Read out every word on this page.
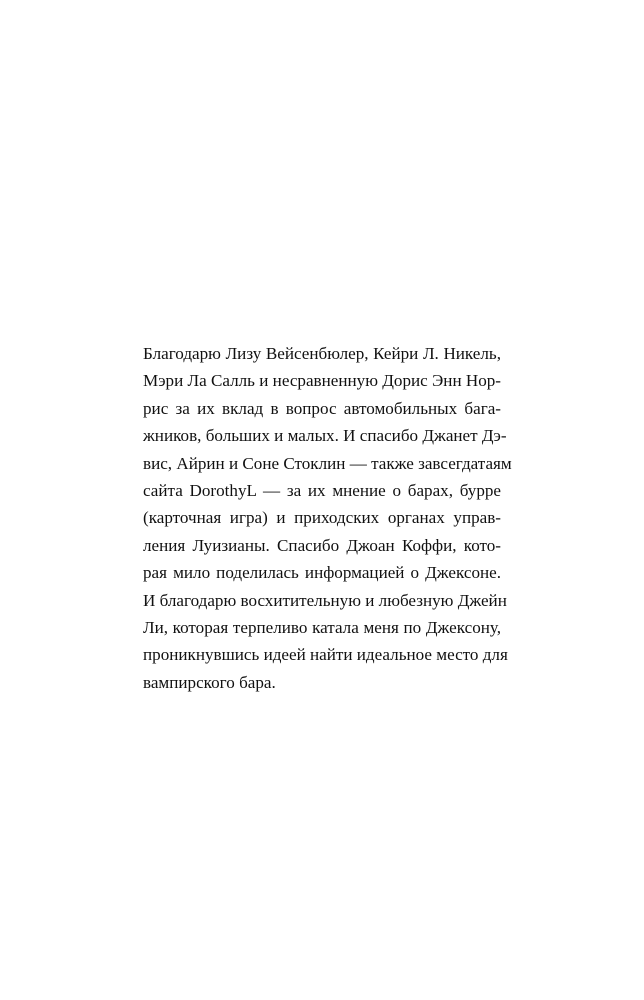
Благодарю Лизу Вейсенбюлер, Кейри Л. Никель,
Мэри Ла Салль и несравненную Дорис Энн Нор-
рис за их вклад в вопрос автомобильных бага-
жников, больших и малых. И спасибо Джанет Дэ-
вис, Айрин и Соне Стоклин — также завсегдатаям
сайта DorothyL — за их мнение о барах, бурре
(карточная игра) и приходских органах управ-
ления Луизианы. Спасибо Джоан Коффи, кото-
рая мило поделилась информацией о Джексоне.
И благодарю восхитительную и любезную Джейн
Ли, которая терпеливо катала меня по Джексону,
проникнувшись идеей найти идеальное место для
вампирского бара.
